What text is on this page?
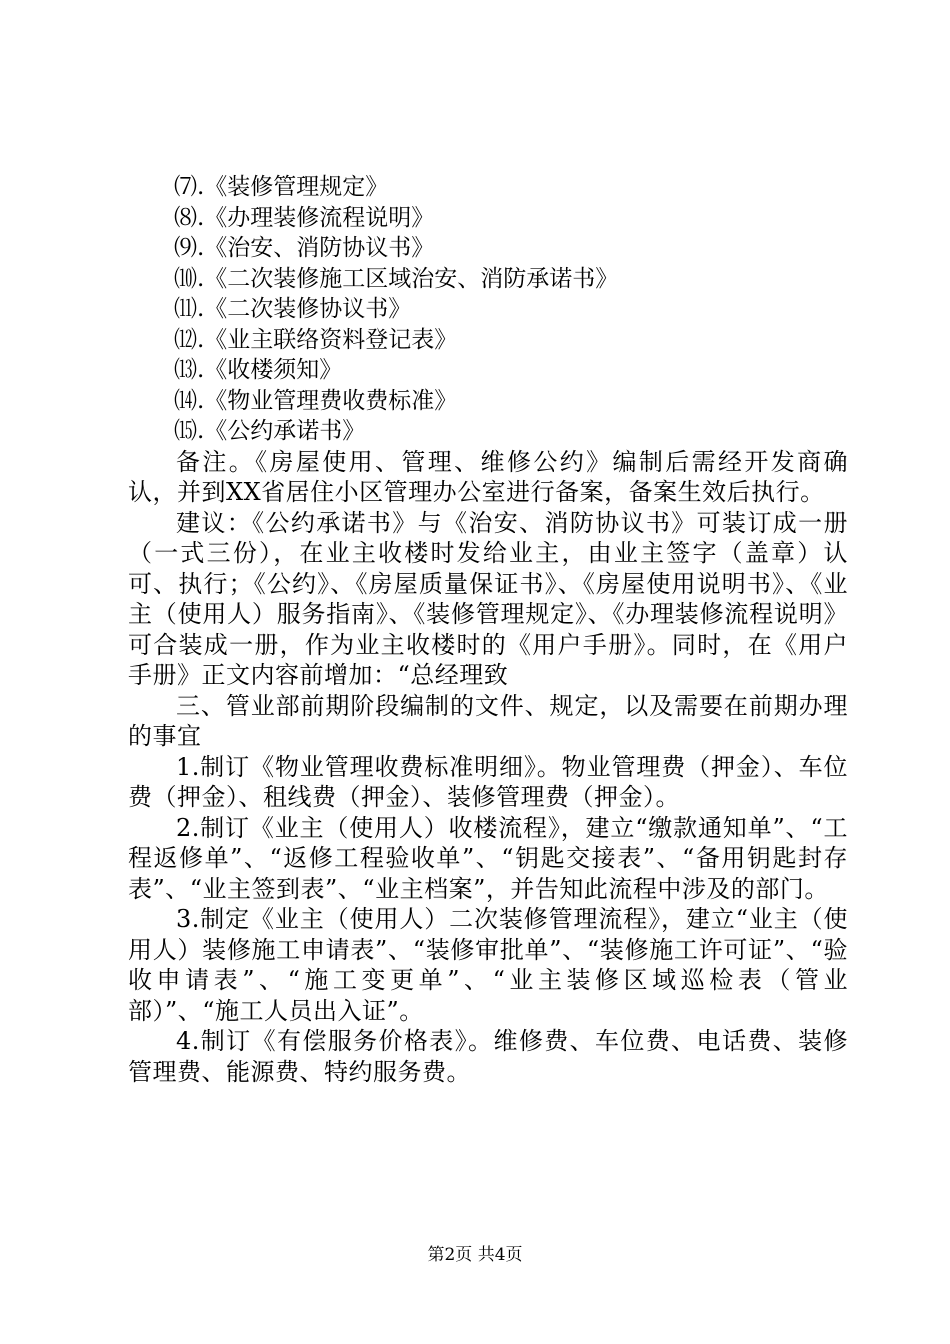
⑺.《装修管理规定》
⑻.《办理装修流程说明》
⑼.《治安、消防协议书》
⑽.《二次装修施工区域治安、消防承诺书》
⑾.《二次装修协议书》
⑿.《业主联络资料登记表》
⒀.《收楼须知》
⒁.《物业管理费收费标准》
⒂.《公约承诺书》

备注。《房屋使用、管理、维修公约》编制后需经开发商确认，并到XX省居住小区管理办公室进行备案，备案生效后执行。

建议：《公约承诺书》与《治安、消防协议书》可装订成一册（一式三份），在业主收楼时发给业主，由业主签字（盖章）认可、执行；《公约》、《房屋质量保证书》、《房屋使用说明书》、《业主（使用人）服务指南》、《装修管理规定》、《办理装修流程说明》可合装成一册，作为业主收楼时的《用户手册》。同时，在《用户手册》正文内容前增加：“总经理致

三、管业部前期阶段编制的文件、规定，以及需要在前期办理的事宜

1.制订《物业管理收费标准明细》。物业管理费（押金）、车位费（押金）、租线费（押金）、装修管理费（押金）。

2.制订《业主（使用人）收楼流程》，建立“缴款通知单”、“工程返修单”、“返修工程验收单”、“钥匙交接表”、“备用钥匙封存表”、“业主签到表”、“业主档案”，并告知此流程中涉及的部门。

3.制定《业主（使用人）二次装修管理流程》，建立“业主（使用人）装修施工申请表”、“装修审批单”、“装修施工许可证”、“验收申请表”、“施工变更单”、“业主装修区域巡检表（管业部）”、“施工人员出入证”。

4.制订《有偿服务价格表》。维修费、车位费、电话费、装修管理费、能源费、特约服务费。

第2页 共4页
